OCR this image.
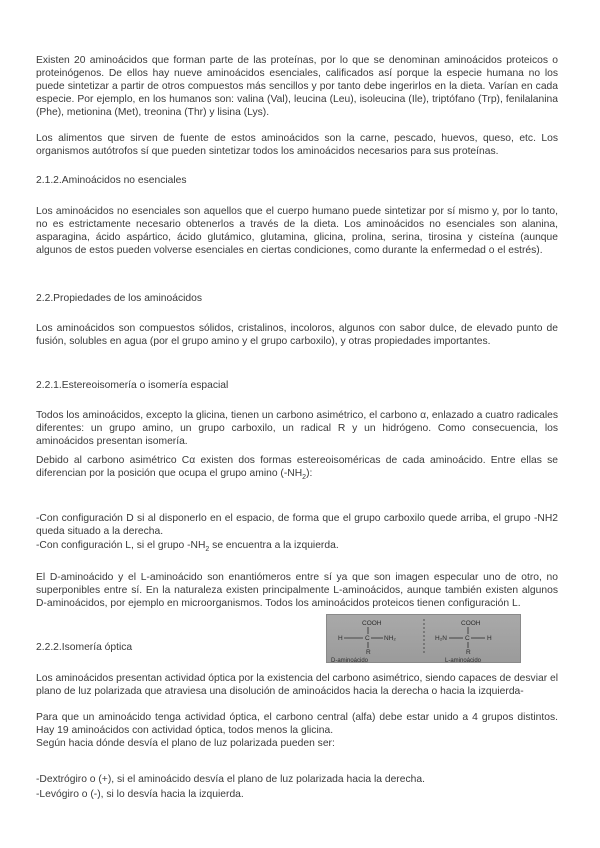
Existen 20 aminoácidos que forman parte de las proteínas, por lo que se denominan aminoácidos proteicos o proteinógenos. De ellos hay nueve aminoácidos esenciales, calificados así porque la especie humana no los puede sintetizar a partir de otros compuestos más sencillos y por tanto debe ingerirlos en la dieta. Varían en cada especie. Por ejemplo, en los humanos son: valina (Val), leucina (Leu), isoleucina (Ile), triptófano (Trp), fenilalanina (Phe), metionina (Met), treonina (Thr) y lisina (Lys).

Los alimentos que sirven de fuente de estos aminoácidos son la carne, pescado, huevos, queso, etc. Los organismos autótrofos sí que pueden sintetizar todos los aminoácidos necesarios para sus proteínas.

2.1.2.Aminoácidos no esenciales

Los aminoácidos no esenciales son aquellos que el cuerpo humano puede sintetizar por sí mismo y, por lo tanto, no es estrictamente necesario obtenerlos a través de la dieta. Los aminoácidos no esenciales son alanina, asparagina, ácido aspártico, ácido glutámico, glutamina, glicina, prolina, serina, tirosina y cisteína (aunque algunos de estos pueden volverse esenciales en ciertas condiciones, como durante la enfermedad o el estrés).

2.2.Propiedades de los aminoácidos

Los aminoácidos son compuestos sólidos, cristalinos, incoloros, algunos con sabor dulce, de elevado punto de fusión, solubles en agua (por el grupo amino y el grupo carboxilo), y otras propiedades importantes.

2.2.1.Estereoisomería o isomería espacial

Todos los aminoácidos, excepto la glicina, tienen un carbono asimétrico, el carbono α, enlazado a cuatro radicales diferentes: un grupo amino, un grupo carboxilo, un radical R y un hidrógeno. Como consecuencia, los aminoácidos presentan isomería.

Debido al carbono asimétrico Cα existen dos formas estereoisoméricas de cada aminoácido. Entre ellas se diferencian por la posición que ocupa el grupo amino $(-NH_2)$:

-Con configuración D si al disponerlo en el espacio, de forma que el grupo carboxilo quede arriba, el grupo -NH2 queda situado a la derecha.

-Con configuración L, si el grupo $-NH_2$ se encuentra a la izquierda.

El D-aminoácido y el L-aminoácido son enantiómeros entre sí ya que son imagen especular uno de otro, no superponibles entre sí. En la naturaleza existen principalmente L-aminoácidos, aunque también existen algunos D-aminoácidos, por ejemplo en microorganismos. Todos los aminoácidos proteicos tienen configuración L.

COOH
H	C NH₂
R
D-aminoácido
COOH
H₂N	C	H
R
L-aminoácido

2.2.2.Isomería óptica

Los aminoácidos presentan actividad óptica por la existencia del carbono asimétrico, siendo capaces de desviar el plano de luz polarizada que atraviesa una disolución de aminoácidos hacia la derecha o hacia la izquierda-

Para que un aminoácido tenga actividad óptica, el carbono central (alfa) debe estar unido a 4 grupos distintos. Hay 19 aminoácidos con actividad óptica, todos menos la glicina.

Según hacia dónde desvía el plano de luz polarizada pueden ser:

-Dextrógiro o (+), si el aminoácido desvía el plano de luz polarizada hacia la derecha.

-Levógiro o (-), si lo desvía hacia la izquierda.
